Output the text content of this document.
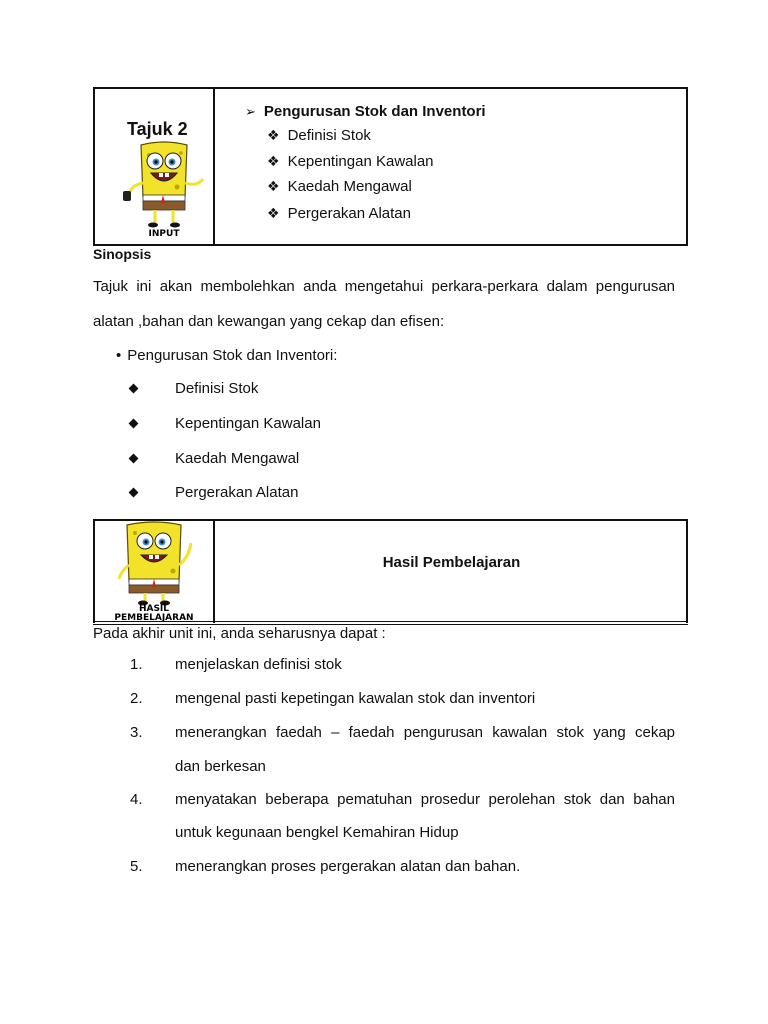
Tajuk 2
INPUT
➢ Pengurusan Stok dan Inventori
❖ Definisi Stok
❖ Kepentingan Kawalan
❖ Kaedah Mengawal
❖ Pergerakan Alatan
Sinopsis
Tajuk ini akan membolehkan anda mengetahui perkara-perkara dalam pengurusan
alatan ,bahan dan kewangan yang cekap dan efisen:
• Pengurusan Stok dan Inventori:
Definisi Stok
Kepentingan Kawalan
Kaedah Mengawal
Pergerakan Alatan
HASIL
PEMBELAJARAN
Hasil Pembelajaran
Pada akhir unit ini, anda seharusnya dapat :
1. menjelaskan definisi stok
2. mengenal pasti kepetingan kawalan stok dan inventori
3. menerangkan faedah – faedah pengurusan kawalan stok yang cekap
dan berkesan
4. menyatakan beberapa pematuhan prosedur perolehan stok dan bahan
untuk kegunaan bengkel Kemahiran Hidup
5. menerangkan proses pergerakan alatan dan bahan.
